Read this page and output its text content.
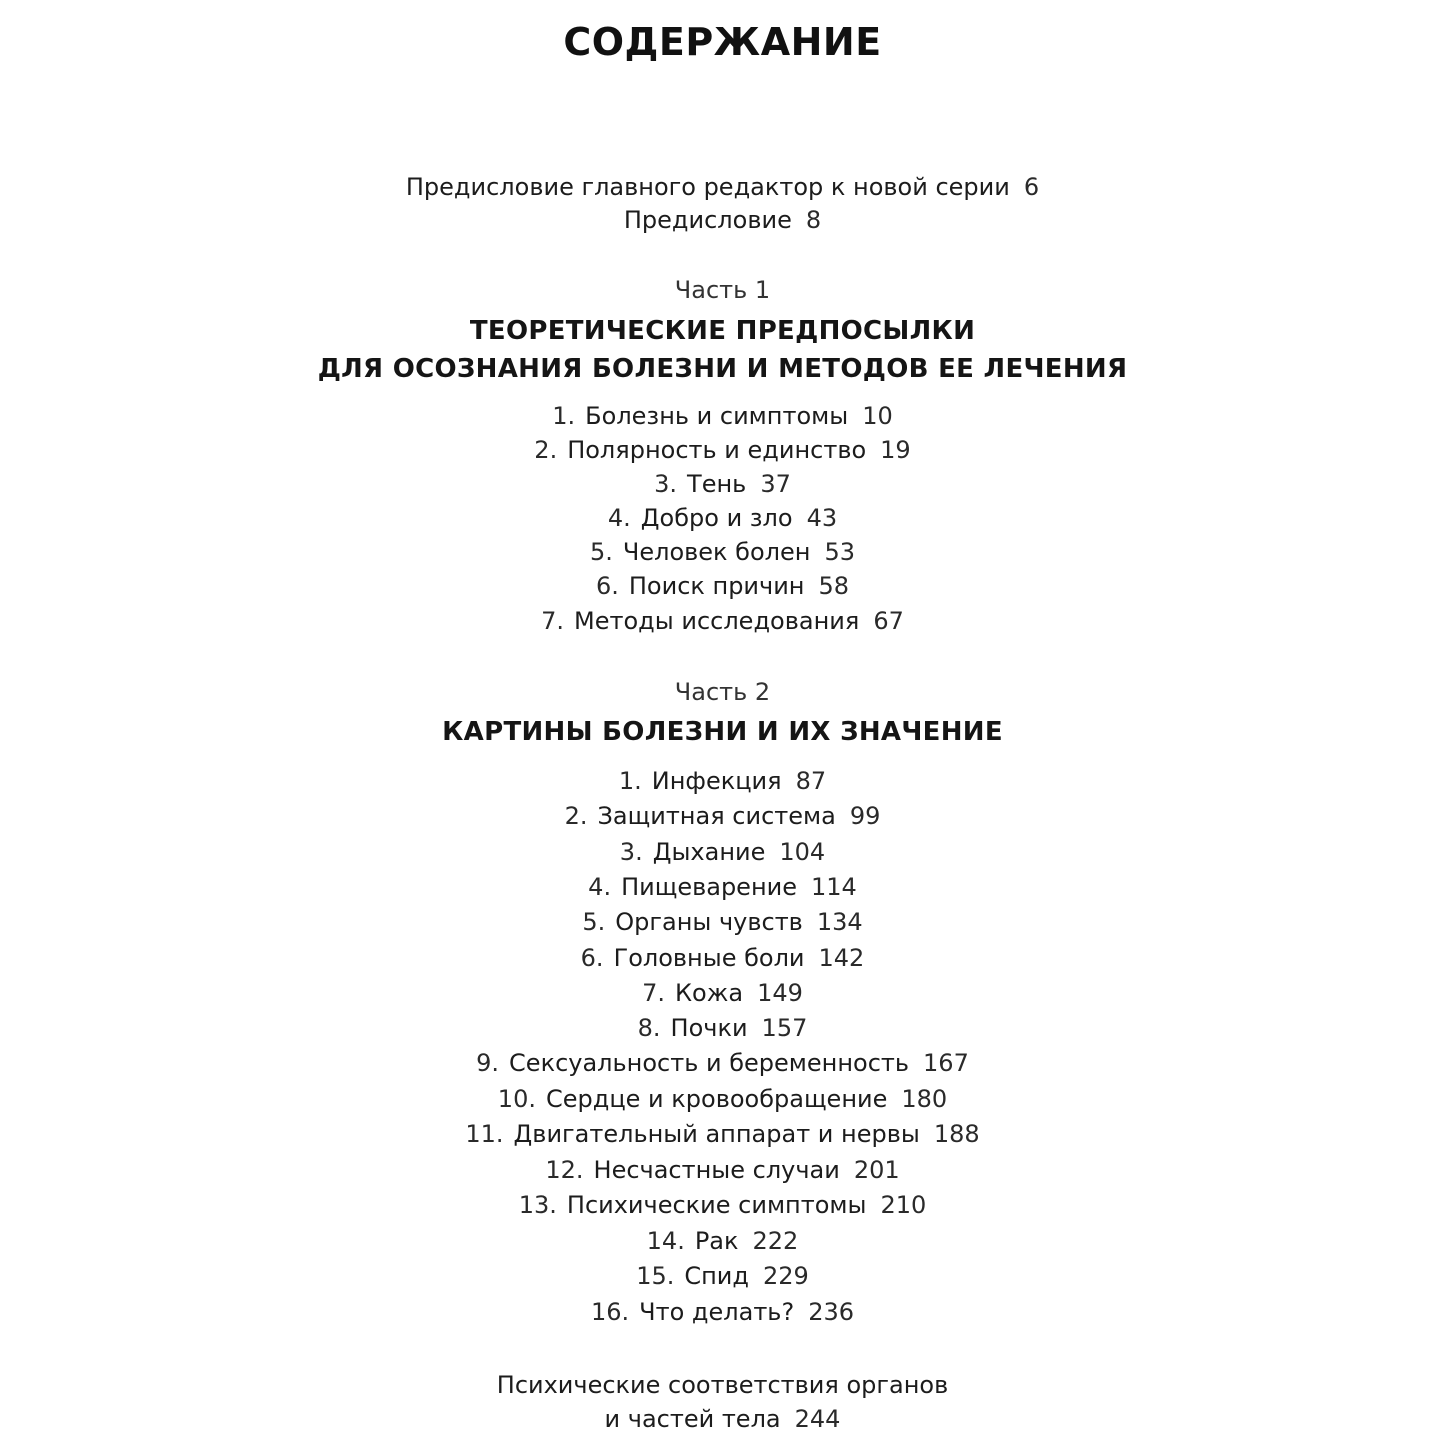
СОДЕРЖАНИЕ
Предисловие главного редактор к новой серии 6
Предисловие 8
Часть 1
ТЕОРЕТИЧЕСКИЕ ПРЕДПОСЫЛКИ
ДЛЯ ОСОЗНАНИЯ БОЛЕЗНИ И МЕТОДОВ ЕЕ ЛЕЧЕНИЯ
1. Болезнь и симптомы 10
2. Полярность и единство 19
3. Тень 37
4. Добро и зло 43
5. Человек болен 53
6. Поиск причин 58
7. Методы исследования 67
Часть 2
КАРТИНЫ БОЛЕЗНИ И ИХ ЗНАЧЕНИЕ
1. Инфекция 87
2. Защитная система 99
3. Дыхание 104
4. Пищеварение 114
5. Органы чувств 134
6. Головные боли 142
7. Кожа 149
8. Почки 157
9. Сексуальность и беременность 167
10. Сердце и кровообращение 180
11. Двигательный аппарат и нервы 188
12. Несчастные случаи 201
13. Психические симптомы 210
14. Рак 222
15. Спид 229
16. Что делать? 236
Психические соответствия органов
и частей тела 244
